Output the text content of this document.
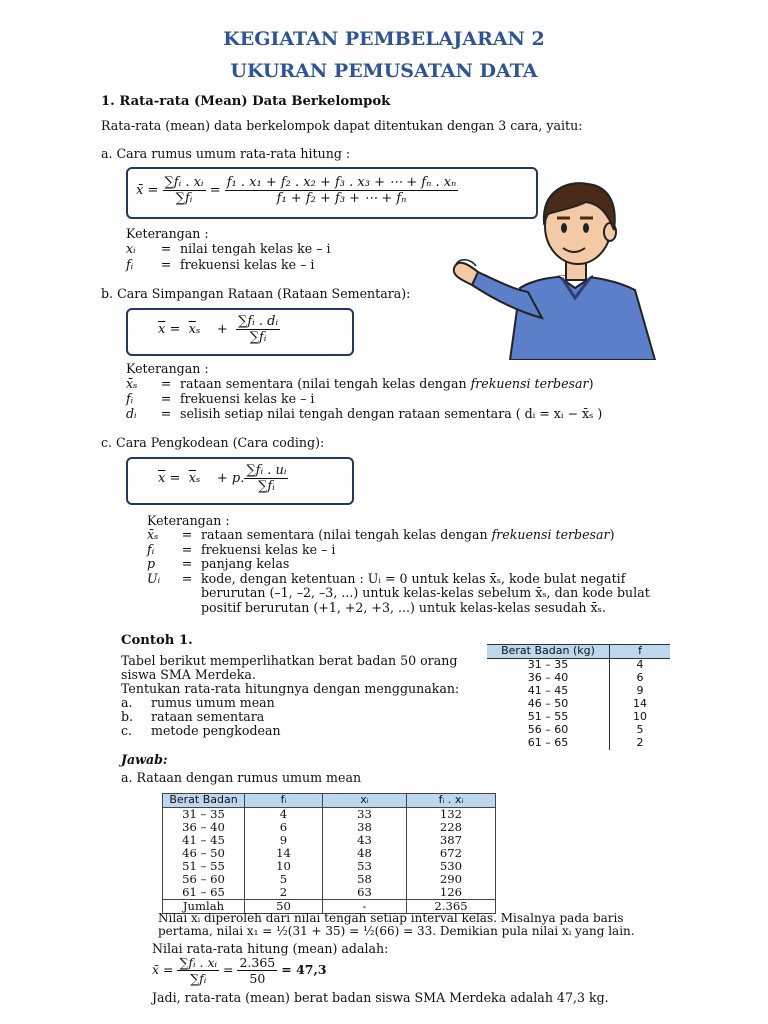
KEGIATAN PEMBELAJARAN 2
UKURAN PEMUSATAN DATA
1. Rata-rata (Mean) Data Berkelompok
Rata-rata (mean) data berkelompok dapat ditentukan dengan 3 cara, yaitu:
a. Cara rumus umum rata-rata hitung :
x̄ = $\frac{\text{∑fᵢ . xᵢ}}{\text{∑fᵢ}} = \frac{\text{f₁ . x₁ + f₂ . x₂ + f₃ . x₃ + ⋯ + fₙ . xₙ}}{\text{f₁ + f₂ + f₃ + ⋯ + fₙ}}$
Keterangan :
xᵢ = nilai tengah kelas ke – i
fᵢ = frekuensi kelas ke – i
b. Cara Simpangan Rataan (Rataan Sementara):
$\overline{x} = \overline{x}_s$    + $\frac{\text{∑fᵢ . dᵢ}}{\text{∑fᵢ}}$
Keterangan :
x̄ₛ = rataan sementara (nilai tengah kelas dengan frekuensi terbesar)
fᵢ = frekuensi kelas ke – i
dᵢ = selisih setiap nilai tengah dengan rataan sementara ( dᵢ = xᵢ − x̄ₛ )
c. Cara Pengkodean (Cara coding):
$\overline{x} = \overline{x}_s$    + p. $\frac{\text{∑fᵢ . uᵢ}}{\text{∑fᵢ}}$
Keterangan :
x̄ₛ = rataan sementara (nilai tengah kelas dengan frekuensi terbesar)
fᵢ = frekuensi kelas ke – i
p = panjang kelas
Uᵢ = kode, dengan ketentuan : Uᵢ = 0 untuk kelas x̄ₛ, kode bulat negatif
berurutan (–1, –2, –3, ...) untuk kelas-kelas sebelum x̄ₛ, dan kode bulat
positif berurutan (+1, +2, +3, ...) untuk kelas-kelas sesudah x̄ₛ.
Contoh 1.
Tabel berikut memperlihatkan berat badan 50 orang
siswa SMA Merdeka.
Tentukan rata-rata hitungnya dengan menggunakan:
a. rumus umum mean
b. rataan sementara
c. metode pengkodean
Berat Badan (kg)	f
31 – 35	4
36 – 40	6
41 – 45	9
46 – 50	14
51 – 55	10
56 – 60	5
61 – 65	2
Jawab:
a. Rataan dengan rumus umum mean
Berat Badan	fᵢ	xᵢ	fᵢ . xᵢ
31 – 35	4	33	132
36 – 40	6	38	228
41 – 45	9	43	387
46 – 50	14	48	672
51 – 55	10	53	530
56 – 60	5	58	290
61 – 65	2	63	126
Jumlah	50	-	2.365
Nilai xᵢ diperoleh dari nilai tengah setiap interval kelas. Misalnya pada baris
pertama, nilai x₁ = ½(31 + 35) = ½(66) = 33. Demikian pula nilai xᵢ yang lain.
Nilai rata-rata hitung (mean) adalah:
x̄ = $\frac{\text{∑fᵢ . xᵢ}}{\text{∑fᵢ}} = \frac{2.365}{50} = 47,3$
Jadi, rata-rata (mean) berat badan siswa SMA Merdeka adalah 47,3 kg.
